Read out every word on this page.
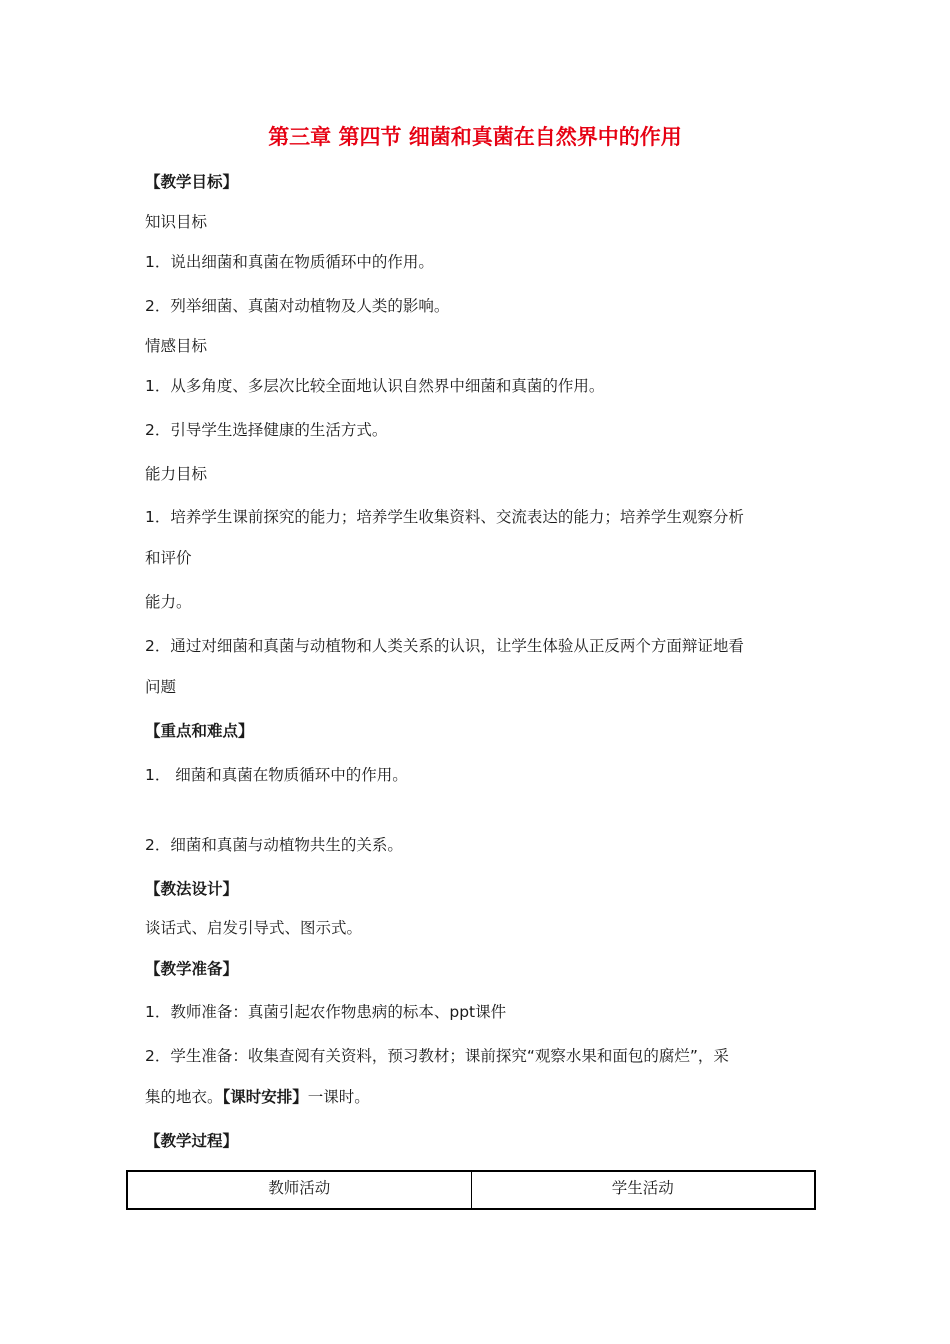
第三章 第四节 细菌和真菌在自然界中的作用
【教学目标】
知识目标
1．说出细菌和真菌在物质循环中的作用。
2．列举细菌、真菌对动植物及人类的影响。
情感目标
1．从多角度、多层次比较全面地认识自然界中细菌和真菌的作用。
2．引导学生选择健康的生活方式。
能力目标
1．培养学生课前探究的能力；培养学生收集资料、交流表达的能力；培养学生观察分析
和评价
能力。
2．通过对细菌和真菌与动植物和人类关系的认识，让学生体验从正反两个方面辩证地看
问题
【重点和难点】
1． 细菌和真菌在物质循环中的作用。
2．细菌和真菌与动植物共生的关系。
【教法设计】
谈话式、启发引导式、图示式。
【教学准备】
1．教师准备：真菌引起农作物患病的标本、ppt课件
2．学生准备：收集查阅有关资料，预习教材；课前探究“观察水果和面包的腐烂”，采
集的地衣。【课时安排】一课时。
【教学过程】
教师活动	学生活动
